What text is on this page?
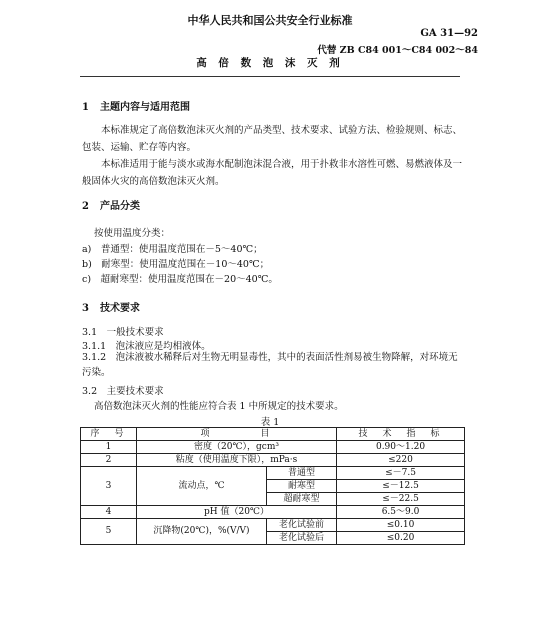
中华人民共和国公共安全行业标准
GA 31—92
代替 ZB C84 001～C84 002～84
高 倍 数 泡 沫 灭 剂
1 主题内容与适用范围
本标准规定了高倍数泡沫灭火剂的产品类型、技术要求、试验方法、检验规则、标志、包装、运输、贮存等内容。
本标准适用于能与淡水或海水配制泡沫混合液，用于扑救非水溶性可燃、易燃液体及一般固体火灾的高倍数泡沫灭火剂。
2 产品分类
按使用温度分类：
a)　普通型：使用温度范围在－5～40℃；
b)　耐寒型：使用温度范围在－10～40℃；
c)　超耐寒型：使用温度范围在－20～40℃。
3 技术要求
3.1　一般技术要求
3.1.1　泡沫液应是均相液体。
3.1.2　泡沫液被水稀释后对生物无明显毒性，其中的表面活性剂易被生物降解，对环境无污染。
3.2　主要技术要求
高倍数泡沫灭火剂的性能应符合表 1 中所规定的技术要求。
表 1
序　号	项　　　　目		技　术　指　标
1	密度（20℃），gcm³		0.90～1.20
2	粘度（使用温度下限），mPa·s		≤220
3	流动点，℃	普通型	≤－7.5
		耐寒型	≤－12.5
		超耐寒型	≤－22.5
4	pH 值（20℃）		6.5～9.0
5	沉降物(20℃)，%(V/V)	老化试验前	≤0.10
		老化试验后	≤0.20
